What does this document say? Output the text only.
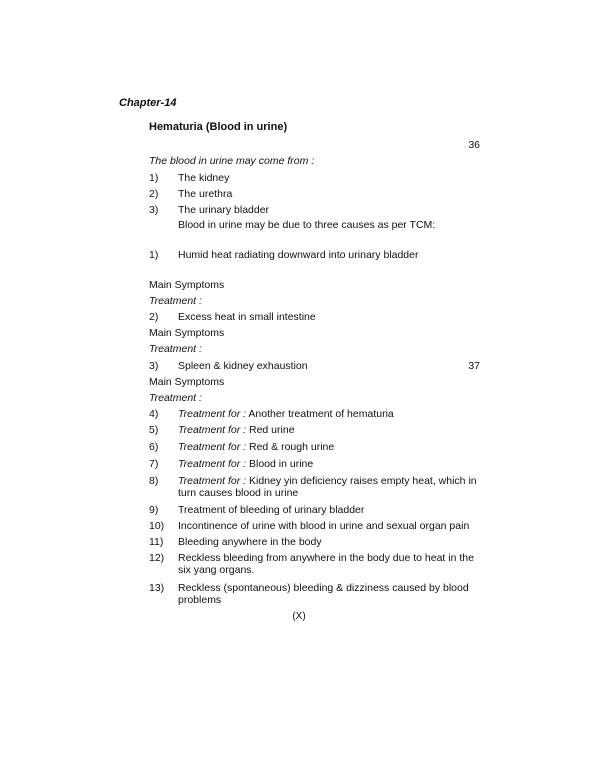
Chapter-14
Hematuria (Blood in urine)
36
The blood in urine may come from :
1)	The kidney
2)	The urethra
3)	The urinary bladder
Blood in urine may be due to three causes as per TCM:
1)	Humid heat radiating downward into urinary bladder
Main Symptoms
Treatment :
2)	Excess heat in small intestine
Main Symptoms
Treatment :
3)	Spleen & kidney exhaustion	37
Main Symptoms
Treatment :
4)	Treatment for : Another treatment of hematuria
5)	Treatment for : Red urine
6)	Treatment for : Red & rough urine
7)	Treatment for : Blood in urine
8)	Treatment for : Kidney yin deficiency raises empty heat, which in turn causes blood in urine
9)	Treatment of bleeding of urinary bladder
10)	Incontinence of urine with blood in urine and sexual organ pain
11)	Bleeding anywhere in the body
12)	Reckless bleeding from anywhere in the body due to heat in the six yang organs.
13)	Reckless (spontaneous) bleeding & dizziness caused by blood problems
(X)
